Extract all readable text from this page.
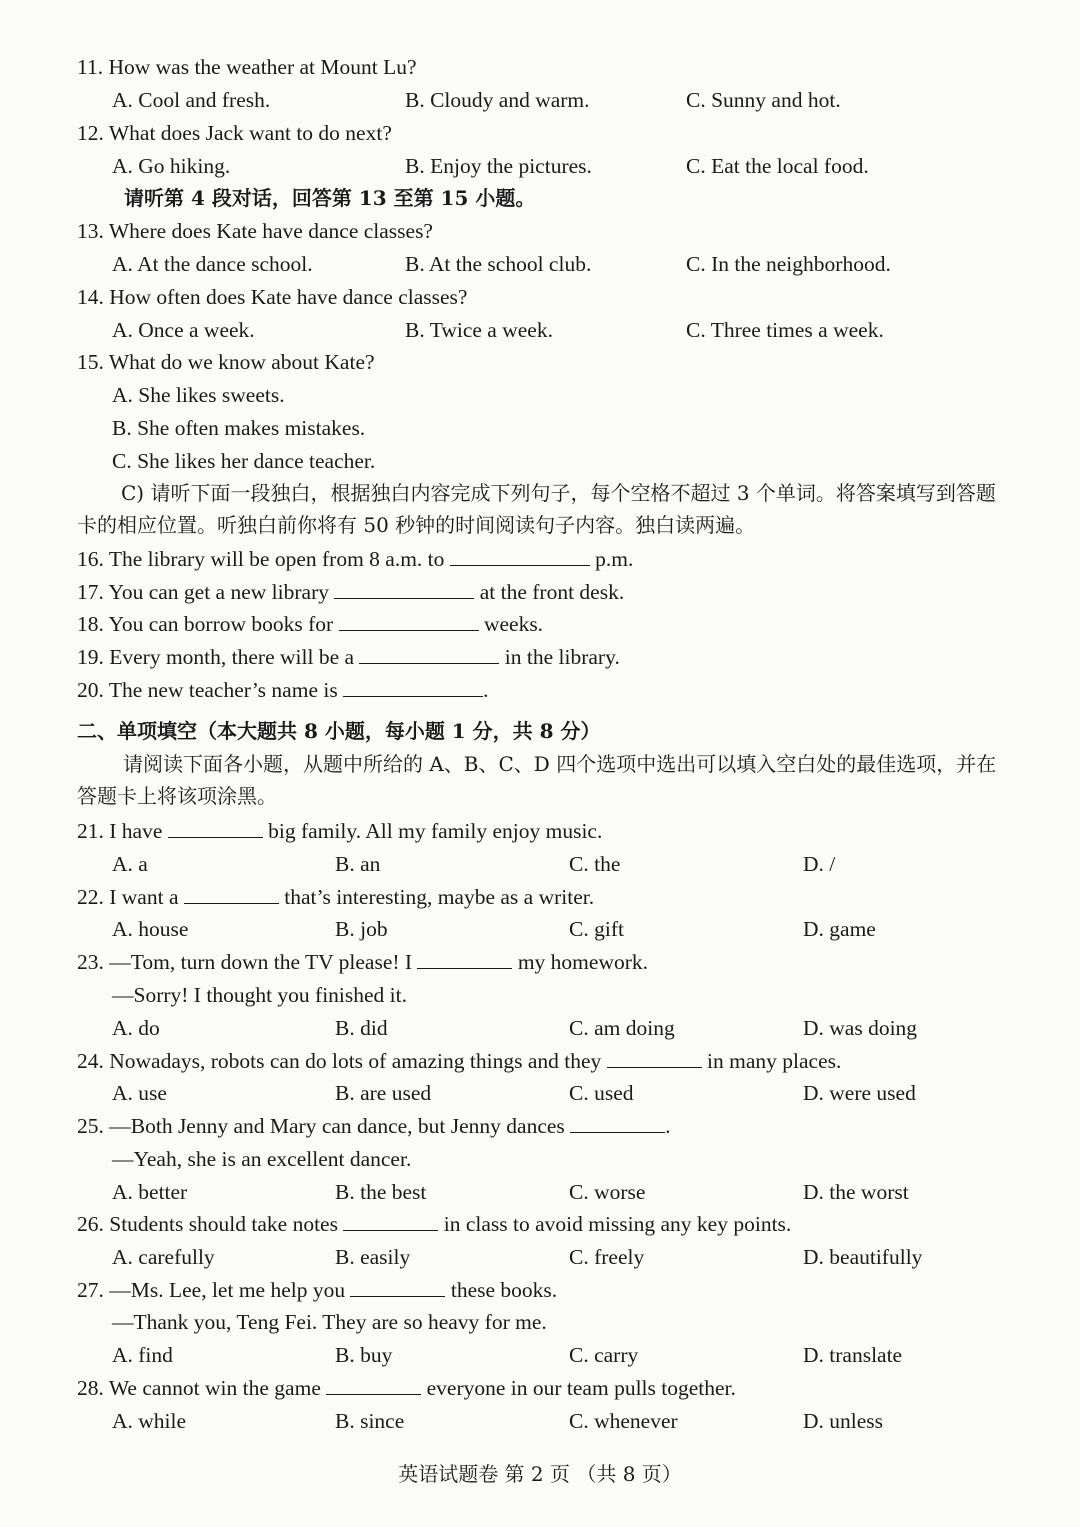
11. How was the weather at Mount Lu?
A. Cool and fresh.	B. Cloudy and warm.	C. Sunny and hot.
12. What does Jack want to do next?
A. Go hiking.	B. Enjoy the pictures.	C. Eat the local food.
请听第 4 段对话，回答第 13 至第 15 小题。
13. Where does Kate have dance classes?
A. At the dance school.	B. At the school club.	C. In the neighborhood.
14. How often does Kate have dance classes?
A. Once a week.	B. Twice a week.	C. Three times a week.
15. What do we know about Kate?
A. She likes sweets.
B. She often makes mistakes.
C. She likes her dance teacher.
C) 请听下面一段独白，根据独白内容完成下列句子，每个空格不超过 3 个单词。将答案填写到答题卡的相应位置。听独白前你将有 50 秒钟的时间阅读句子内容。独白读两遍。
16. The library will be open from 8 a.m. to	p.m.
17. You can get a new library	at the front desk.
18. You can borrow books for	weeks.
19. Every month, there will be a	in the library.
20. The new teacher’s name is	.
二、单项填空（本大题共 8 小题，每小题 1 分，共 8 分）
请阅读下面各小题，从题中所给的 A、B、C、D 四个选项中选出可以填入空白处的最佳选项，并在答题卡上将该项涂黑。
21. I have	big family. All my family enjoy music.
A. a	B. an	C. the	D. /
22. I want a	that’s interesting, maybe as a writer.
A. house	B. job	C. gift	D. game
23. —Tom, turn down the TV please! I	my homework.
—Sorry! I thought you finished it.
A. do	B. did	C. am doing	D. was doing
24. Nowadays, robots can do lots of amazing things and they	in many places.
A. use	B. are used	C. used	D. were used
25. —Both Jenny and Mary can dance, but Jenny dances	.
—Yeah, she is an excellent dancer.
A. better	B. the best	C. worse	D. the worst
26. Students should take notes	in class to avoid missing any key points.
A. carefully	B. easily	C. freely	D. beautifully
27. —Ms. Lee, let me help you	these books.
—Thank you, Teng Fei. They are so heavy for me.
A. find	B. buy	C. carry	D. translate
28. We cannot win the game	everyone in our team pulls together.
A. while	B. since	C. whenever	D. unless
英语试题卷 第 2 页 （共 8 页）
